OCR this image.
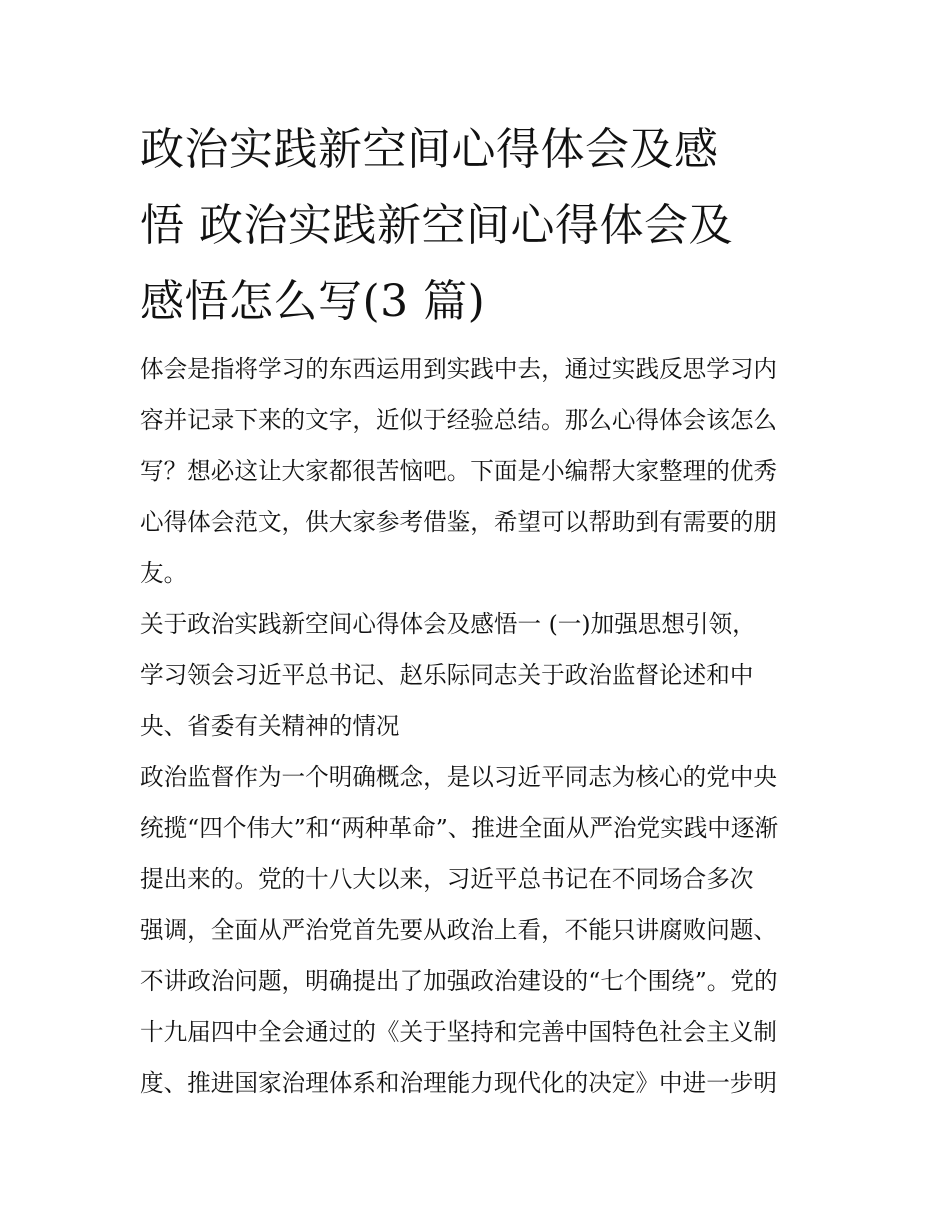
政治实践新空间心得体会及感
悟 政治实践新空间心得体会及
感悟怎么写(3 篇)
体会是指将学习的东西运用到实践中去，通过实践反思学习内
容并记录下来的文字，近似于经验总结。那么心得体会该怎么
写？想必这让大家都很苦恼吧。下面是小编帮大家整理的优秀
心得体会范文，供大家参考借鉴，希望可以帮助到有需要的朋
友。
关于政治实践新空间心得体会及感悟一 (一)加强思想引领，
学习领会习近平总书记、赵乐际同志关于政治监督论述和中
央、省委有关精神的情况
政治监督作为一个明确概念，是以习近平同志为核心的党中央
统揽“四个伟大”和“两种革命”、推进全面从严治党实践中逐渐
提出来的。党的十八大以来，习近平总书记在不同场合多次
强调，全面从严治党首先要从政治上看，不能只讲腐败问题、
不讲政治问题，明确提出了加强政治建设的“七个围绕”。党的
十九届四中全会通过的《关于坚持和完善中国特色社会主义制
度、推进国家治理体系和治理能力现代化的决定》中进一步明
